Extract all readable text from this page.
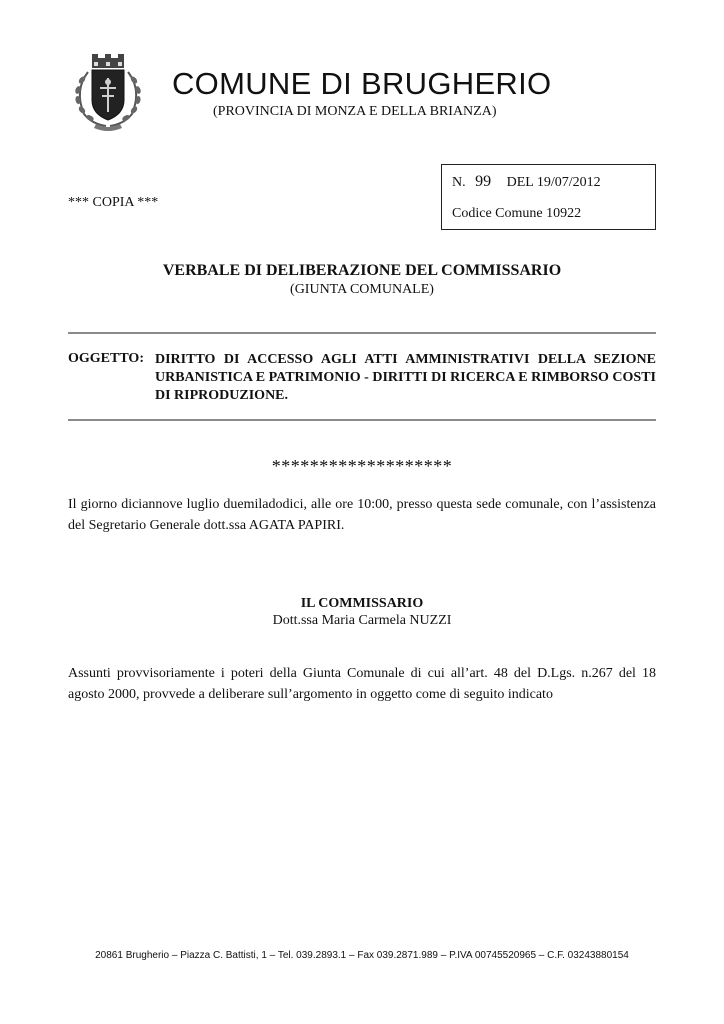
COMUNE DI BRUGHERIO
(PROVINCIA DI MONZA E DELLA BRIANZA)
*** COPIA ***
N. 99 DEL 19/07/2012
Codice Comune 10922
VERBALE DI DELIBERAZIONE DEL COMMISSARIO
(GIUNTA COMUNALE)
OGGETTO: DIRITTO DI ACCESSO AGLI ATTI AMMINISTRATIVI DELLA SEZIONE URBANISTICA E PATRIMONIO - DIRITTI DI RICERCA E RIMBORSO COSTI DI RIPRODUZIONE.
*******************
Il giorno diciannove luglio duemiladodici, alle ore 10:00, presso questa sede comunale, con l’assistenza del Segretario Generale dott.ssa AGATA PAPIRI.
IL COMMISSARIO
Dott.ssa Maria Carmela NUZZI
Assunti provvisoriamente i poteri della Giunta Comunale di cui all’art. 48 del D.Lgs. n.267 del 18 agosto 2000, provvede a deliberare sull’argomento in oggetto come di seguito indicato
20861 Brugherio – Piazza C. Battisti, 1 – Tel. 039.2893.1 – Fax 039.2871.989 – P.IVA 00745520965 – C.F. 03243880154
